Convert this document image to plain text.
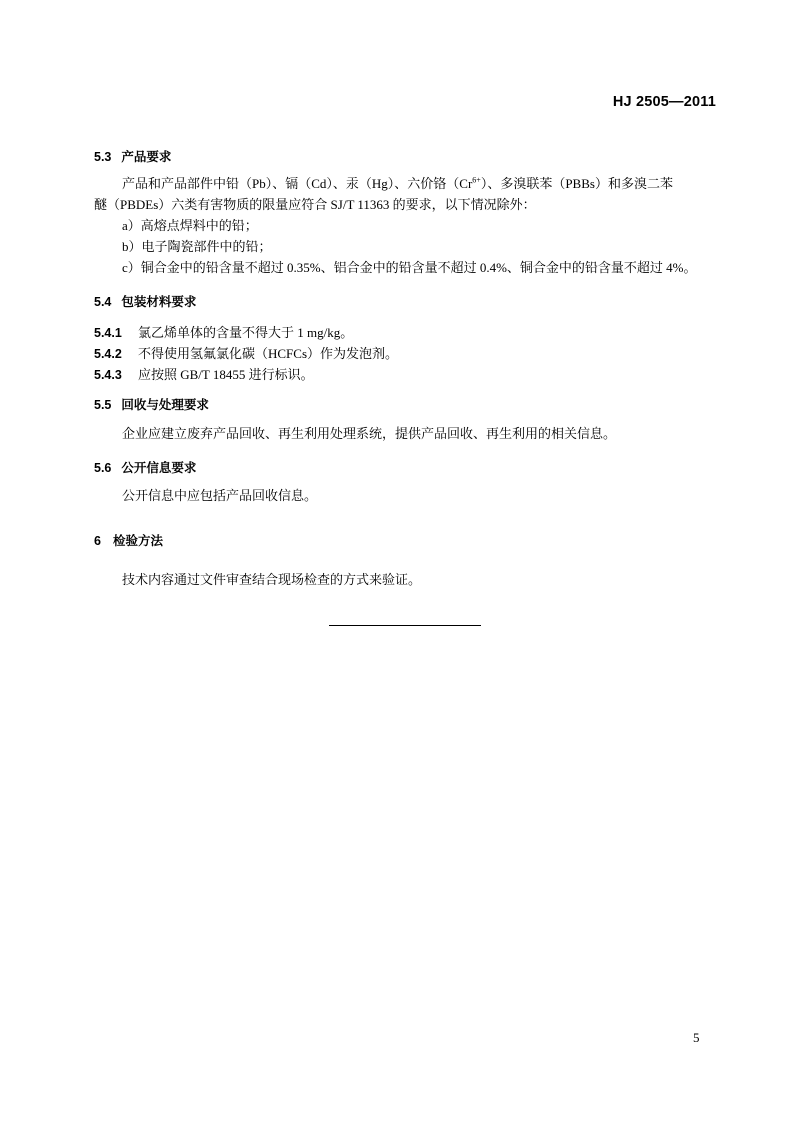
HJ 2505—2011
5.3 产品要求
产品和产品部件中铅（Pb）、镉（Cd）、汞（Hg）、六价铬$(Cr^{6+})$、多溴联苯（PBBs）和多溴二苯
醚（PBDEs）六类有害物质的限量应符合 SJ/T 11363 的要求，以下情况除外：
a）高熔点焊料中的铅；
b）电子陶瓷部件中的铅；
c）铜合金中的铅含量不超过 0.35%、铝合金中的铅含量不超过 0.4%、铜合金中的铅含量不超过 4%。
5.4 包装材料要求
5.4.1 氯乙烯单体的含量不得大于 1 mg/kg。
5.4.2 不得使用氢氟氯化碳（HCFCs）作为发泡剂。
5.4.3 应按照 GB/T 18455 进行标识。
5.5 回收与处理要求
企业应建立废弃产品回收、再生利用处理系统，提供产品回收、再生利用的相关信息。
5.6 公开信息要求
公开信息中应包括产品回收信息。
6 检验方法
技术内容通过文件审查结合现场检查的方式来验证。
5
